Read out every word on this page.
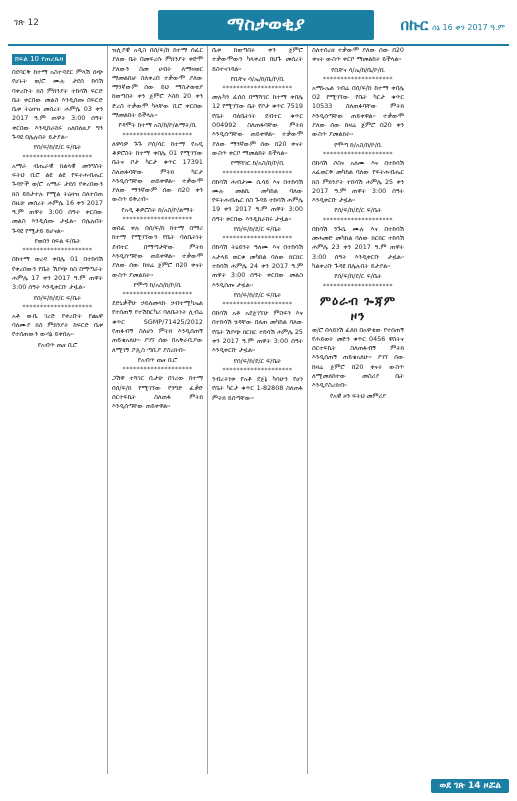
ገጽ 12	ማስታወቂያ	በኩር ሰኔ 16 ቀን 2017 ዓ.ም
ክፍል 10 የጠረጴዛ

በደባርቅ ከተማ አስተዳደር ምላሽ ሰጭ የሆኑት ወ/ሮ ሙሉ ታደሰ ከሳሽ ባቀረቡት ክስ ምክንያት ተከሳሽ ፍርድ ቤት ቀርበው መልስ እንዲሰጡ በፍርድ ቤቱ ትዕዛዝ መሰረት ሐምሌ 03 ቀን 2017 ዓ.ም ጠዋት 3:00 ሰዓት ቀርበው እንዲከራከሩ አለበለዚያ ግን ጉዳዩ በሌሉበት ይታያል፡፡

የሰ/ፍ/ከ/ደ/ር ፍ/ቤት
********************

አማራ ብሔራዊ ክልላዊ መንግስት ፍትህ ቢሮ ልዩ ልዩ የፍትሐብሔር ጉዳዮች ወ/ሮ አማራ ታደሰ የቀረበውን ክስ ይከታተሉ የሚል ትዕዛዝ ስለተሰጠ በዚሁ መሰረት ሐምሌ 16 ቀን 2017 ዓ.ም ጠዋት 3:00 ሰዓት ቀርበው መልስ እንዲሰጡ ታዟል፡፡ በሌሉበት ጉዳዩ የሚታይ ይሆናል፡፡

የወሰን ክፍል ፍ/ቤት
********************

በከተማ ወረዳ ቀበሌ 01 በተከሳሽ የቀረበውን የቤት ሽያጭ ክስ በማጣራት ሐምሌ 17 ቀን 2017 ዓ.ም ጠዋት 3:00 ሰዓት እንዲቀርቡ ታዟል፡፡

የሰ/ፍ/ከ/ደ/ር ፍ/ቤት
********************

አቶ ውቤ ገረድ የቀረቡት የጨዋ ባለሙያ ክስ ምክንያት ከፍርድ ቤቱ የተሰጠውን ውሳኔ ይቀበሉ፡፡

የአብጥ ጤና ቢሮ

ዝሊያዊ አዲስ በሰ/ፍ/ከ ከተማ ሰፈር ያለው ቤት በመፍረሱ ምክንያት ቀድሞ ያለውን ስመ ሀብት ለማዛወር ማመልከቻ ስለቀረበ ተቃውሞ ያለው ማንኛውም ሰው ይህ ማስታወቂያ ከወጣበት ቀን ጀምሮ እስከ 20 ቀን ድረስ ተቃውሞ ካላቸው ቢሮ ቀርበው ማመልከት ይችላሉ፡፡

የዳሞት ከተማ አስ/ከ/ኮ/ልማት/ቢ
********************

ለዋሳዎ ጉጉ ቦሰ/ሳር ከተማ የአዲ ቆዎሮስት ከተማ ቀበሌ 01 የሚገኘው ቤትና ቦታ ካርታ ቁጥር 17391 ስለጠፋባቸው ምትክ ካርታ እንዲሰጣቸው ጠይቀዋል፡፡ ተቃውሞ ያለው ማንኛውም ሰው በ20 ቀን ውስጥ ይቅረብ፡፡

የአዲ ቆዎሮስት ከ/አስ/ኮ/ልማት
********************

ወሰፈ ቀሉ በሰ/ፍ/ከ ከተማ በማሪ ከተማ የሚገኘውን የቤት ባለቤትነት ደብተር በማጣታቸው ምትክ እንዲሰጣቸው ጠይቀዋል፡፡ ተቃውሞ ያለው ሰው ከዛሬ ጀምሮ በ20 ቀናት ውስጥ ያመልክት፡፡

የሞጣ ከ/አስ/ከ/ኮ/ቢ
********************

ደድኒቃችሁ ኃይለመላኩ ኃብተሚካኤል የተሰጠኝ የተሽከርካሪ ባለቤትነት ሊብሬ ቁጥር SGMP/71425/2012 የጠፋብኝ ስለሆነ ምትክ እንዲሰጠኝ ጠይቄአለሁ፡፡ ያገኘ ሰው በአቅራቢያው ለሚገኝ ፖሊስ ጣቢያ ያስረክብ፡፡

የአብጥ ጤና ቢሮ
********************

ጋሽዋ ተሻገር ቢታሁ በገረው ከተማ በሰ/ፍ/ከ የሚገኘው የንግድ ፈቃድ ሰርተፍኬት ስለጠፋ ምትክ እንዲሰጣቸው ጠይቀዋል፡፡

ቤቱ ከወጣበት ቀን ጀምሮ ተቃውሞውን ካላቀረበ በህጉ መሰረት ይስተናገዳል፡፡

የቢቸና ሳ/ኤ/ከ/ቤ/ኮ/ቢ
********************

መሉካን ፈሰሰ በማሻገር ከተማ ቀበሌ 12 የሚገኘው ቤት የቦታ ቁጥር 7519 የቤት ባለቤትነት ደብተር ቁጥር 004992 ስለጠፋባቸው ምትክ እንዲሰጣቸው ጠይቀዋል፡፡ ተቃውሞ ያለው ማንኛውም ሰው በ20 ቀናት ውስጥ ቀርቦ ማመልከት ይችላል፡፡

የማሻገር ከ/አስ/ከ/ኮ/ቢ
********************

በከሳሽ ሐብታሙ ሲሳይ እና በተከሳሽ ሙሉ መልኬ መካከል ባለው የፍትሐብሔር ክስ ጉዳይ ተከሳሽ ሐምሌ 19 ቀን 2017 ዓ.ም ጠዋት 3:00 ሰዓት ቀርበው እንዲከራከሩ ታዟል፡፡

የሰ/ፍ/ከ/ደ/ር ፍ/ቤት
********************

በከሳሽ ትዕይንት ዓለሙ እና በተከሳሽ አታላይ ወርቁ መካከል ባለው ክርክር ተከሳሽ ሐምሌ 24 ቀን 2017 ዓ.ም ጠዋት 3:00 ሰዓት ቀርበው መልስ እንዲሰጡ ታዟል፡፡

የሰ/ፍ/ከ/ደ/ር ፍ/ቤት
********************

በከሳሽ አቶ አደጀገኘሁ ምስፍን እና በተከሳሽ ሄዳቸው በለጠ መካከል ባለው የቤት ሽያጭ ክርክር ተከሳሽ ሐምሌ 25 ቀን 2017 ዓ.ም ጠዋት 3:00 ሰዓት እንዲቀርቡ ታዟል፡፡

የሰ/ፍ/ከ/ደ/ር ፍ/ቤት
********************

ንብረትነቱ የአቶ ደጀኔ ካሳሁን የሆነ የቤት ካርታ ቁጥር 1-82808 ስለጠፋ ምትክ ይሰጣቸው፡፡

ስለተሰረዘ ተቃውሞ ያለው ሰው በ20 ቀናት ውስጥ ቀርቦ ማመልከት ይችላል፡፡

የቢቸና ሳ/ኤ/ከ/ቤ/ኮ/ቢ
********************

አማኑኤል ገብሬ በሰ/ፍ/ከ ከተማ ቀበሌ 02 የሚገኘው የቤት ካርታ ቁጥር 10533 ስለጠፋባቸው ምትክ እንዲሰጣቸው ጠይቀዋል፡፡ ተቃውሞ ያለው ሰው ከዛሬ ጀምሮ በ20 ቀን ውስጥ ያመልክት፡፡

የሞጣ ከ/አስ/ከ/ኮ/ቢ
********************

በከሳሽ ሶስና አለሙ እና በተከሳሽ አፈወርቅ መካከል ባለው የፍትሐብሔር ክስ ምክንያት ተከሳሽ ሐምሌ 25 ቀን 2017 ዓ.ም ጠዋት 3:00 ሰዓት እንዲቀርቡ ታዟል፡፡

የሰ/ፍ/ከ/ደ/ር ፍ/ቤት
********************

በከሳሽ ንጉሴ ሙሉ እና በተከሳሽ መሐመድ መካከል ባለው ክርክር ተከሳሽ ሐምሌ 23 ቀን 2017 ዓ.ም ጠዋት 3:00 ሰዓት እንዲቀርቡ ታዟል፡፡ ካልቀረቡ ጉዳዩ በሌሉበት ይታያል፡፡

የሰ/ፍ/ከ/ደ/ር ፍ/ቤት
********************
ምዕራብ ጐጃም ዞን

ወ/ሮ በላይነሽ ፈለክ በአዋቂው የተሰጠኝ የሕይወት መድን ቁጥር 0456 ዋስትና ሰርተፍኬት ስለጠፋብኝ ምትክ እንዲሰጠኝ ጠይቄአለሁ፡፡ ያገኘ ሰው ከዛሬ ጀምሮ በ20 ቀናት ውስጥ ለሚመለከተው መስሪያ ቤት እንዲያስረክብ፡፡

የአዊ ዞን ፍትህ መምሪያ
ወደ ገጽ 14 ዞሯል
